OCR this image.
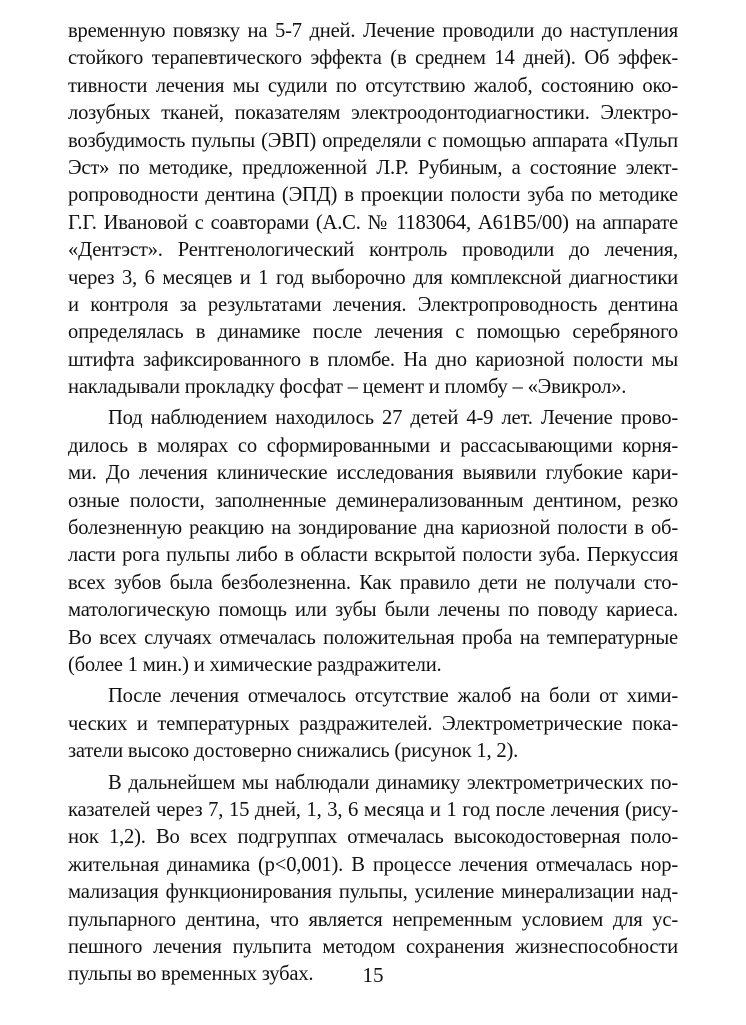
временную повязку на 5-7 дней. Лечение проводили до наступления
стойкого терапевтического эффекта (в среднем 14 дней). Об эффек-
тивности лечения мы судили по отсутствию жалоб, состоянию око-
лозубных тканей, показателям электроодонтодиагностики. Электро-
возбудимость пульпы (ЭВП) определяли с помощью аппарата «Пульп
Эст» по методике, предложенной Л.Р. Рубиным, а состояние элект-
ропроводности дентина (ЭПД) в проекции полости зуба по методике
Г.Г. Ивановой с соавторами (А.С. № 1183064, А61В5/00) на аппарате
«Дентэст». Рентгенологический контроль проводили до лечения,
через 3, 6 месяцев и 1 год выборочно для комплексной диагностики
и контроля за результатами лечения. Электропроводность дентина
определялась в динамике после лечения с помощью серебряного
штифта зафиксированного в пломбе. На дно кариозной полости мы
накладывали прокладку фосфат – цемент и пломбу – «Эвикрол».
Под наблюдением находилось 27 детей 4-9 лет. Лечение прово-
дилось в молярах со сформированными и рассасывающими корня-
ми. До лечения клинические исследования выявили глубокие кари-
озные полости, заполненные деминерализованным дентином, резко
болезненную реакцию на зондирование дна кариозной полости в об-
ласти рога пульпы либо в области вскрытой полости зуба. Перкуссия
всех зубов была безболезненна. Как правило дети не получали сто-
матологическую помощь или зубы были лечены по поводу кариеса.
Во всех случаях отмечалась положительная проба на температурные
(более 1 мин.) и химические раздражители.
После лечения отмечалось отсутствие жалоб на боли от хими-
ческих и температурных раздражителей. Электрометрические пока-
затели высоко достоверно снижались (рисунок 1, 2).
В дальнейшем мы наблюдали динамику электрометрических по-
казателей через 7, 15 дней, 1, 3, 6 месяца и 1 год после лечения (рису-
нок 1,2). Во всех подгруппах отмечалась высокодостоверная поло-
жительная динамика (р<0,001). В процессе лечения отмечалась нор-
мализация функционирования пульпы, усиление минерализации над-
пульпарного дентина, что является непременным условием для ус-
пешного лечения пульпита методом сохранения жизнеспособности
пульпы во временных зубах.	15
